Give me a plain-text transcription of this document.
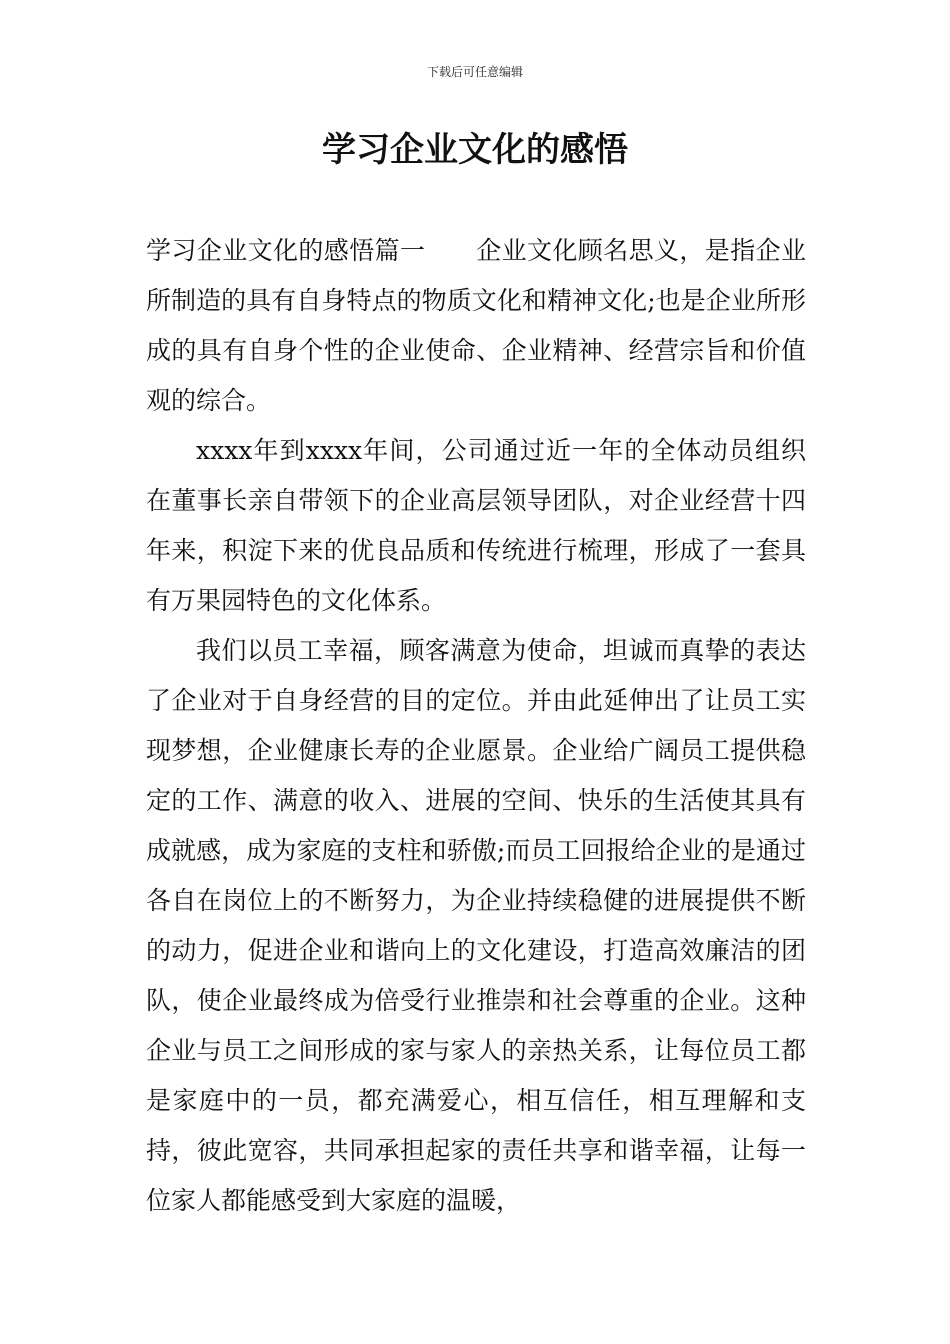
下载后可任意编辑
学习企业文化的感悟

学习企业文化的感悟篇一　　企业文化顾名思义，是指企业所制造的具有自身特点的物质文化和精神文化;也是企业所形成的具有自身个性的企业使命、企业精神、经营宗旨和价值观的综合。

xxxx年到xxxx年间，公司通过近一年的全体动员组织在董事长亲自带领下的企业高层领导团队，对企业经营十四年来，积淀下来的优良品质和传统进行梳理，形成了一套具有万果园特色的文化体系。

我们以员工幸福，顾客满意为使命，坦诚而真挚的表达了企业对于自身经营的目的定位。并由此延伸出了让员工实现梦想，企业健康长寿的企业愿景。企业给广阔员工提供稳定的工作、满意的收入、进展的空间、快乐的生活使其具有成就感，成为家庭的支柱和骄傲;而员工回报给企业的是通过各自在岗位上的不断努力，为企业持续稳健的进展提供不断的动力，促进企业和谐向上的文化建设，打造高效廉洁的团队，使企业最终成为倍受行业推崇和社会尊重的企业。这种企业与员工之间形成的家与家人的亲热关系，让每位员工都是家庭中的一员，都充满爱心，相互信任，相互理解和支持，彼此宽容，共同承担起家的责任共享和谐幸福，让每一位家人都能感受到大家庭的温暖，
